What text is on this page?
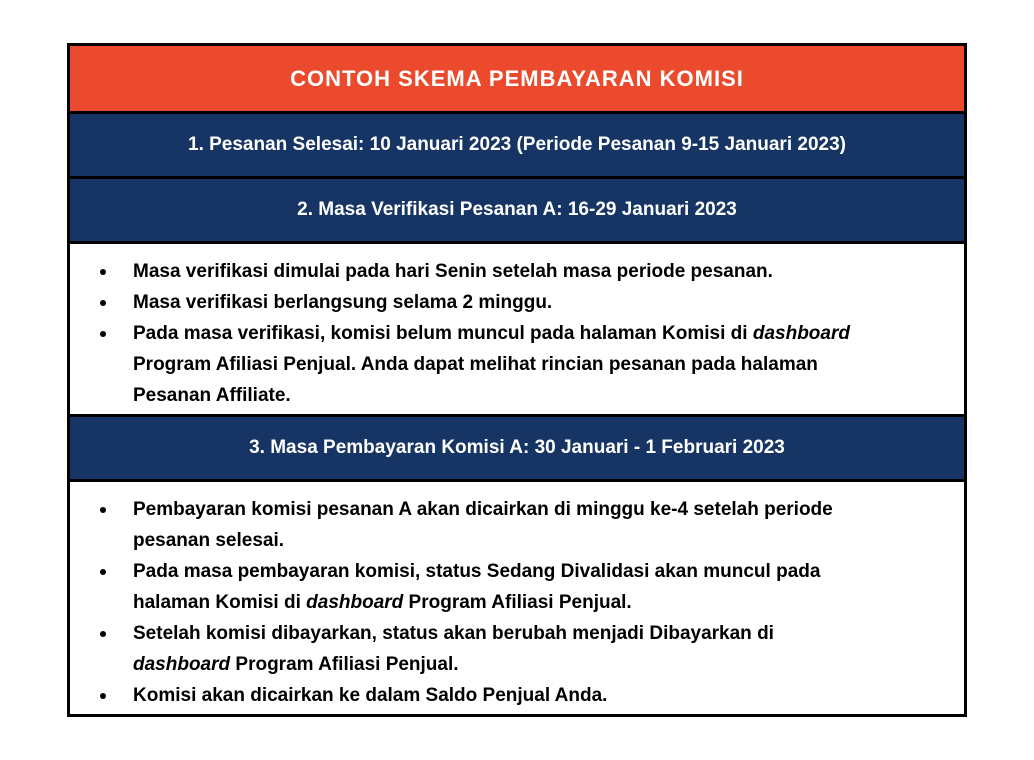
CONTOH SKEMA PEMBAYARAN KOMISI
1. Pesanan Selesai: 10 Januari 2023 (Periode Pesanan 9-15 Januari 2023)
2. Masa Verifikasi Pesanan A: 16-29 Januari 2023
Masa verifikasi dimulai pada hari Senin setelah masa periode pesanan.
Masa verifikasi berlangsung selama 2 minggu.
Pada masa verifikasi, komisi belum muncul pada halaman Komisi di dashboard
Program Afiliasi Penjual. Anda dapat melihat rincian pesanan pada halaman
Pesanan Affiliate.
3. Masa Pembayaran Komisi A: 30 Januari - 1 Februari 2023
Pembayaran komisi pesanan A akan dicairkan di minggu ke-4 setelah periode
pesanan selesai.
Pada masa pembayaran komisi, status Sedang Divalidasi akan muncul pada
halaman Komisi di dashboard Program Afiliasi Penjual.
Setelah komisi dibayarkan, status akan berubah menjadi Dibayarkan di
dashboard Program Afiliasi Penjual.
Komisi akan dicairkan ke dalam Saldo Penjual Anda.
